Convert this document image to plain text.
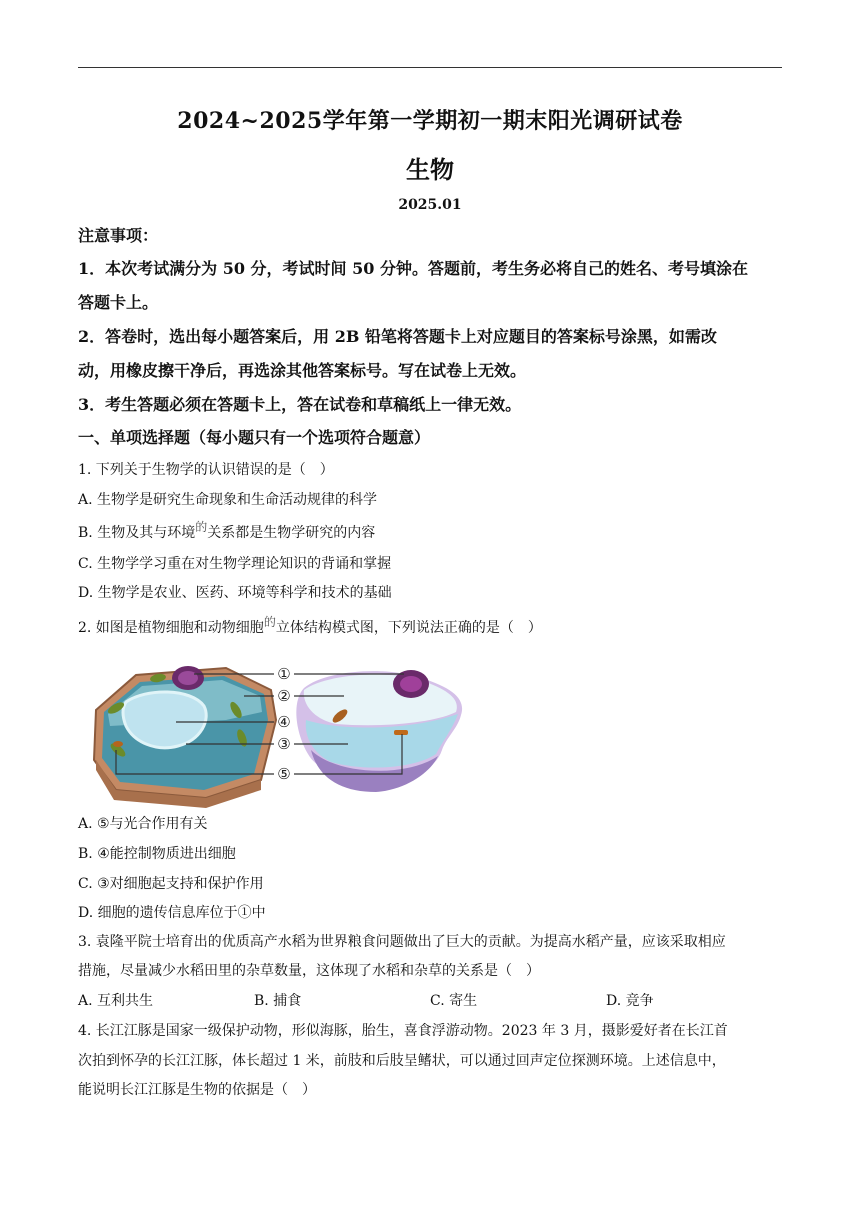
2024~2025学年第一学期初一期末阳光调研试卷
生物
2025.01
注意事项：
1．本次考试满分为 50 分，考试时间 50 分钟。答题前，考生务必将自己的姓名、考号填涂在
答题卡上。
2．答卷时，选出每小题答案后，用 2B 铅笔将答题卡上对应题目的答案标号涂黑，如需改
动，用橡皮擦干净后，再选涂其他答案标号。写在试卷上无效。
3．考生答题必须在答题卡上，答在试卷和草稿纸上一律无效。
一、单项选择题（每小题只有一个选项符合题意）
1. 下列关于生物学的认识错误的是（　）
A. 生物学是研究生命现象和生命活动规律的科学
B. 生物及其与环境的关系都是生物学研究的内容
C. 生物学学习重在对生物学理论知识的背诵和掌握
D. 生物学是农业、医药、环境等科学和技术的基础
2. 如图是植物细胞和动物细胞的立体结构模式图，下列说法正确的是（　）
①
②
④
③
⑤
A. ⑤与光合作用有关
B. ④能控制物质进出细胞
C. ③对细胞起支持和保护作用
D. 细胞的遗传信息库位于①中
3. 袁隆平院士培育出的优质高产水稻为世界粮食问题做出了巨大的贡献。为提高水稻产量，应该采取相应
措施，尽量减少水稻田里的杂草数量，这体现了水稻和杂草的关系是（　）
A. 互利共生	B. 捕食	C. 寄生	D. 竞争
4. 长江江豚是国家一级保护动物，形似海豚，胎生，喜食浮游动物。2023 年 3 月，摄影爱好者在长江首
次拍到怀孕的长江江豚，体长超过 1 米，前肢和后肢呈鳍状，可以通过回声定位探测环境。上述信息中，
能说明长江江豚是生物的依据是（　）
